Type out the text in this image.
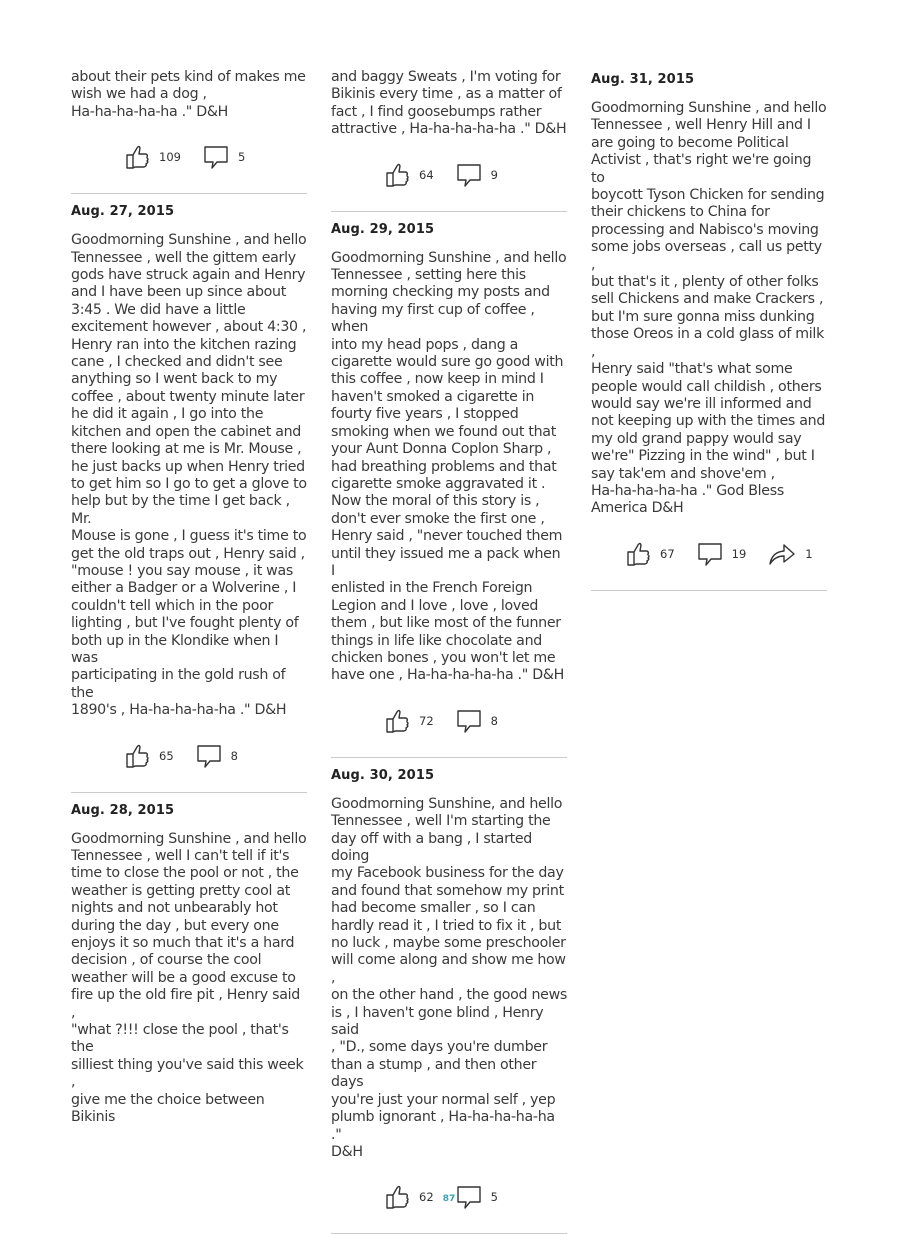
about their pets kind of makes me
wish we had a dog ,
Ha-ha-ha-ha-ha ." D&H

109	5
Aug. 27, 2015

Goodmorning Sunshine , and hello
Tennessee , well the gittem early
gods have struck again and Henry
and I have been up since about
3:45 . We did have a little
excitement however , about 4:30 ,
Henry ran into the kitchen razing
cane , I checked and didn't see
anything so I went back to my
coffee , about twenty minute later
he did it again , I go into the
kitchen and open the cabinet and
there looking at me is Mr. Mouse ,
he just backs up when Henry tried
to get him so I go to get a glove to
help but by the time I get back , Mr.
Mouse is gone , I guess it's time to
get the old traps out , Henry said ,
"mouse ! you say mouse , it was
either a Badger or a Wolverine , I
couldn't tell which in the poor
lighting , but I've fought plenty of
both up in the Klondike when I was
participating in the gold rush of the
1890's , Ha-ha-ha-ha-ha ." D&H

65	8
Aug. 28, 2015

Goodmorning Sunshine , and hello
Tennessee , well I can't tell if it's
time to close the pool or not , the
weather is getting pretty cool at
nights and not unbearably hot
during the day , but every one
enjoys it so much that it's a hard
decision , of course the cool
weather will be a good excuse to
fire up the old fire pit , Henry said ,
"what ?!!! close the pool , that's the
silliest thing you've said this week ,
give me the choice between Bikinis

and baggy Sweats , I'm voting for
Bikinis every time , as a matter of
fact , I find goosebumps rather
attractive , Ha-ha-ha-ha-ha ." D&H

64	9
Aug. 29, 2015

Goodmorning Sunshine , and hello
Tennessee , setting here this
morning checking my posts and
having my first cup of coffee , when
into my head pops , dang a
cigarette would sure go good with
this coffee , now keep in mind I
haven't smoked a cigarette in
fourty five years , I stopped
smoking when we found out that
your Aunt Donna Coplon Sharp ,
had breathing problems and that
cigarette smoke aggravated it .
Now the moral of this story is ,
don't ever smoke the first one ,
Henry said , "never touched them
until they issued me a pack when I
enlisted in the French Foreign
Legion and I love , love , loved
them , but like most of the funner
things in life like chocolate and
chicken bones , you won't let me
have one , Ha-ha-ha-ha-ha ." D&H

72	8
Aug. 30, 2015

Goodmorning Sunshine, and hello
Tennessee , well I'm starting the
day off with a bang , I started doing
my Facebook business for the day
and found that somehow my print
had become smaller , so I can
hardly read it , I tried to fix it , but
no luck , maybe some preschooler
will come along and show me how ,
on the other hand , the good news
is , I haven't gone blind , Henry said
, "D., some days you're dumber
than a stump , and then other days
you're just your normal self , yep
plumb ignorant , Ha-ha-ha-ha-ha ."
D&H

62	5
Aug. 31, 2015

Goodmorning Sunshine , and hello
Tennessee , well Henry Hill and I
are going to become Political
Activist , that's right we're going to
boycott Tyson Chicken for sending
their chickens to China for
processing and Nabisco's moving
some jobs overseas , call us petty ,
but that's it , plenty of other folks
sell Chickens and make Crackers ,
but I'm sure gonna miss dunking
those Oreos in a cold glass of milk ,
Henry said "that's what some
people would call childish , others
would say we're ill informed and
not keeping up with the times and
my old grand pappy would say
we're" Pizzing in the wind" , but I
say tak'em and shove'em ,
Ha-ha-ha-ha-ha ." God Bless
America D&H

67	19	1
87
